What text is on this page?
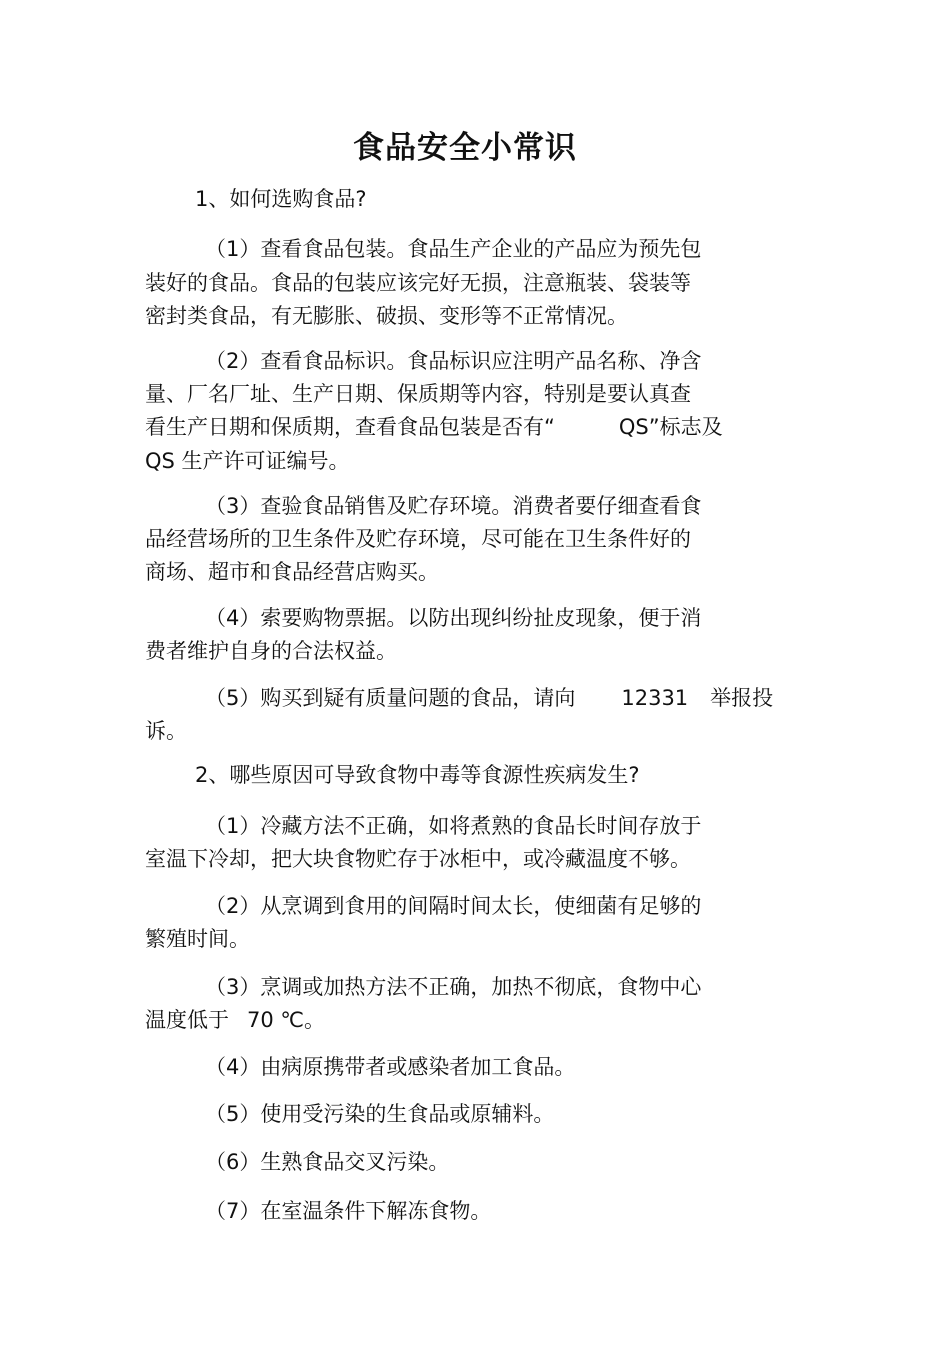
食品安全小常识
1、如何选购食品?
（1）查看食品包装。食品生产企业的产品应为预先包
装好的食品。食品的包装应该完好无损，注意瓶装、袋装等
密封类食品，有无膨胀、破损、变形等不正常情况。
（2）查看食品标识。食品标识应注明产品名称、净含
量、厂名厂址、生产日期、保质期等内容，特别是要认真查
看生产日期和保质期，查看食品包装是否有“	QS”标志及
QS 生产许可证编号。
（3）查验食品销售及贮存环境。消费者要仔细查看食
品经营场所的卫生条件及贮存环境，尽可能在卫生条件好的
商场、超市和食品经营店购买。
（4）索要购物票据。以防出现纠纷扯皮现象，便于消
费者维护自身的合法权益。
（5）购买到疑有质量问题的食品，请向 12331 举报投
诉。
2、哪些原因可导致食物中毒等食源性疾病发生?
（1）冷藏方法不正确，如将煮熟的食品长时间存放于
室温下冷却，把大块食物贮存于冰柜中，或冷藏温度不够。
（2）从烹调到食用的间隔时间太长，使细菌有足够的
繁殖时间。
（3）烹调或加热方法不正确，加热不彻底，食物中心
温度低于 70 ℃。
（4）由病原携带者或感染者加工食品。
（5）使用受污染的生食品或原辅料。
（6）生熟食品交叉污染。
（7）在室温条件下解冻食物。
